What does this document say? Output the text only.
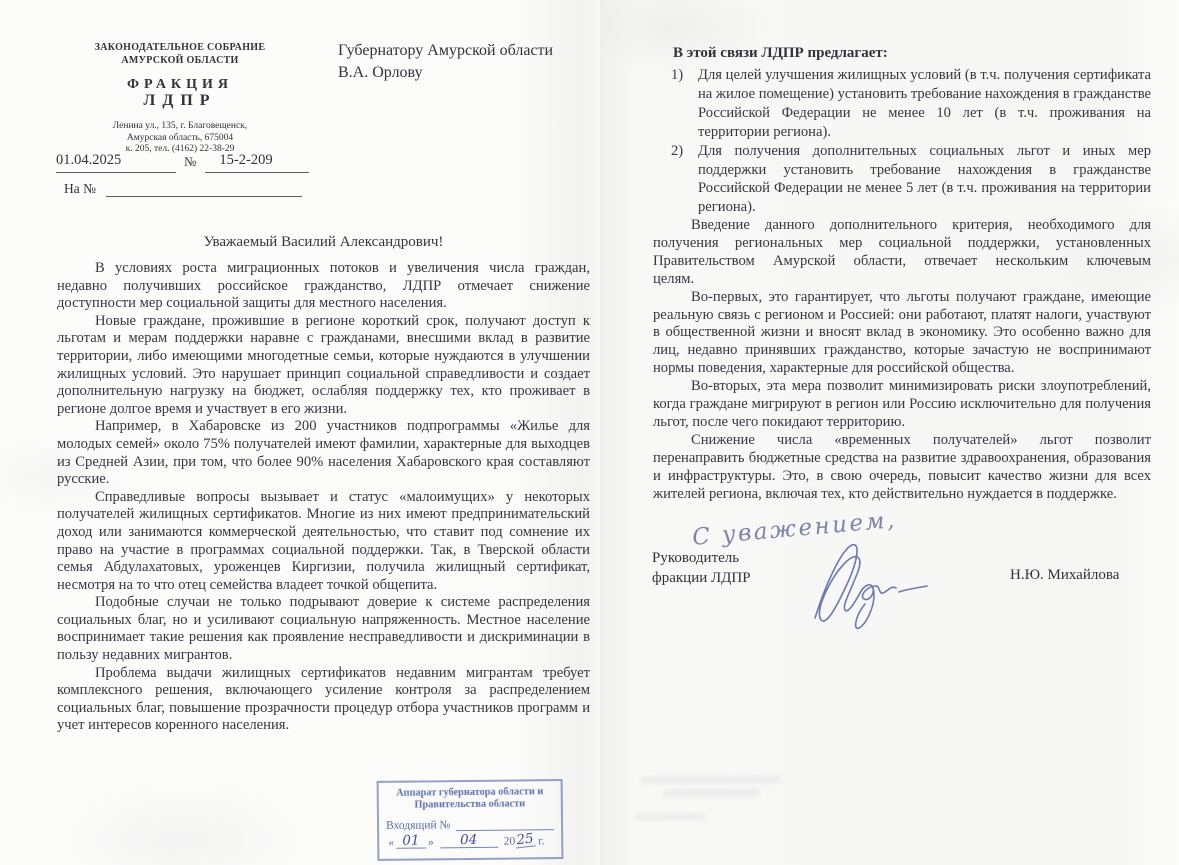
ЗАКОНОДАТЕЛЬНОЕ СОБРАНИЕ
АМУРСКОЙ ОБЛАСТИ
ФРАКЦИЯ
ЛДПР
Ленина ул., 135, г. Благовещенск,
Амурская область, 675004
к. 205, тел. (4162) 22-38-29
01.04.2025	№	15-2-209
На №
Губернатору Амурской области
В.А. Орлову
Уважаемый Василий Александрович!

В условиях роста миграционных потоков и увеличения числа граждан, недавно получивших российское гражданство, ЛДПР отмечает снижение доступности мер социальной защиты для местного населения.

Новые граждане, прожившие в регионе короткий срок, получают доступ к льготам и мерам поддержки наравне с гражданами, внесшими вклад в развитие территории, либо имеющими многодетные семьи, которые нуждаются в улучшении жилищных условий. Это нарушает принцип социальной справедливости и создает дополнительную нагрузку на бюджет, ослабляя поддержку тех, кто проживает в регионе долгое время и участвует в его жизни.

Например, в Хабаровске из 200 участников подпрограммы «Жилье для молодых семей» около 75% получателей имеют фамилии, характерные для выходцев из Средней Азии, при том, что более 90% населения Хабаровского края составляют русские.

Справедливые вопросы вызывает и статус «малоимущих» у некоторых получателей жилищных сертификатов. Многие из них имеют предпринимательский доход или занимаются коммерческой деятельностью, что ставит под сомнение их право на участие в программах социальной поддержки. Так, в Тверской области семья Абдулахатовых, уроженцев Киргизии, получила жилищный сертификат, несмотря на то что отец семейства владеет точкой общепита.

Подобные случаи не только подрывают доверие к системе распределения социальных благ, но и усиливают социальную напряженность. Местное население воспринимает такие решения как проявление несправедливости и дискриминации в пользу недавних мигрантов.

Проблема выдачи жилищных сертификатов недавним мигрантам требует комплексного решения, включающего усиление контроля за распределением социальных благ, повышение прозрачности процедур отбора участников программ и учет интересов коренного населения.

Аппарат губернатора области и
Правительства области
Входящий №
« 01 »	04	20 25 г.
В этой связи ЛДПР предлагает:
1)	Для целей улучшения жилищных условий (в т.ч. получения сертификата на жилое помещение) установить требование нахождения в гражданстве Российской Федерации не менее 10 лет (в т.ч. проживания на территории региона).
2)	Для получения дополнительных социальных льгот и иных мер поддержки установить требование нахождения в гражданстве Российской Федерации не менее 5 лет (в т.ч. проживания на территории региона).

Введение данного дополнительного критерия, необходимого для получения региональных мер социальной поддержки, установленных Правительством Амурской области, отвечает нескольким ключевым целям.

Во-первых, это гарантирует, что льготы получают граждане, имеющие реальную связь с регионом и Россией: они работают, платят налоги, участвуют в общественной жизни и вносят вклад в экономику. Это особенно важно для лиц, недавно принявших гражданство, которые зачастую не воспринимают нормы поведения, характерные для российской общества.

Во-вторых, эта мера позволит минимизировать риски злоупотреблений, когда граждане мигрируют в регион или Россию исключительно для получения льгот, после чего покидают территорию.

Снижение числа «временных получателей» льгот позволит перенаправить бюджетные средства на развитие здравоохранения, образования и инфраструктуры. Это, в свою очередь, повысит качество жизни для всех жителей региона, включая тех, кто действительно нуждается в поддержке.

С уважением,
Руководитель
фракции ЛДПР	Н.Ю. Михайлова
